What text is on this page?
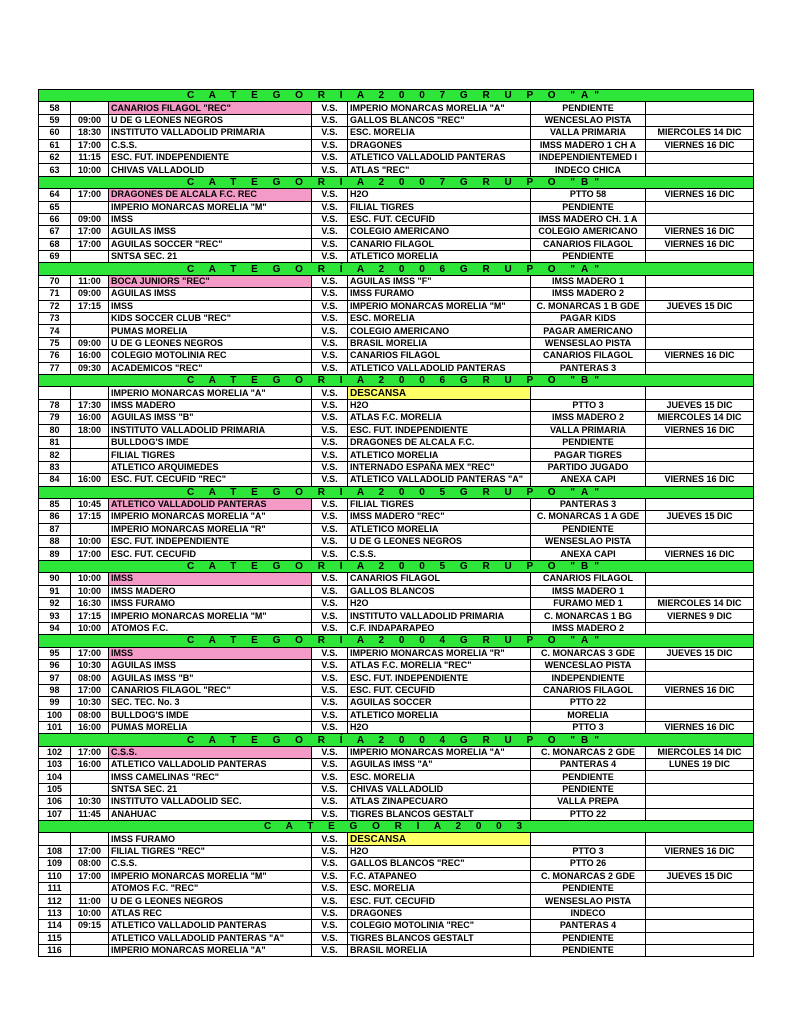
C A T E G O R Í A 2 0 0 7 G R U P O "A"						
58		CANARIOS FILAGOL "REC"	V.S.	IMPERIO MONARCAS MORELIA "A"	PENDIENTE	
59	09:00	U DE G LEONES NEGROS	V.S.	GALLOS BLANCOS "REC"	WENCESLAO PISTA	
60	18:30	INSTITUTO VALLADOLID PRIMARIA	V.S.	ESC. MORELIA	VALLA PRIMARIA	MIERCOLES 14 DIC
61	17:00	C.S.S.	V.S.	DRAGONES	IMSS MADERO 1 CH A	VIERNES 16 DIC
62	11:15	ESC. FUT. INDEPENDIENTE	V.S.	ATLETICO VALLADOLID PANTERAS	INDEPENDIENTEMED I	
63	10:00	CHIVAS VALLADOLID	V.S.	ATLAS "REC"	INDECO CHICA	
C A T E G O R Í A 2 0 0 7 G R U P O "B"						
64	17:00	DRAGONES DE ALCALA F.C. REC	V.S.	H2O	PTTO 58	VIERNES 16 DIC
65		IMPERIO MONARCAS MORELIA "M"	V.S.	FILIAL TIGRES	PENDIENTE	
66	09:00	IMSS	V.S.	ESC. FUT. CECUFID	IMSS MADERO CH. 1 A	
67	17:00	AGUILAS IMSS	V.S.	COLEGIO AMERICANO	COLEGIO AMERICANO	VIERNES 16 DIC
68	17:00	AGUILAS SOCCER "REC"	V.S.	CANARIO FILAGOL	CANARIOS FILAGOL	VIERNES 16 DIC
69		SNTSA SEC. 21	V.S.	ATLETICO MORELIA	PENDIENTE	
C A T E G O R Í A 2 0 0 6 G R U P O "A"						
70	11:00	BOCA JUNIORS "REC"	V.S.	AGUILAS IMSS "F"	IMSS MADERO 1	
71	09:00	AGUILAS IMSS	V.S.	IMSS FURAMO	IMSS MADERO 2	
72	17:15	IMSS	V.S.	IMPERIO MONARCAS MORELIA "M"	C. MONARCAS 1 B GDE	JUEVES 15 DIC
73		KIDS SOCCER CLUB "REC"	V.S.	ESC. MORELIA	PAGAR KIDS	
74		PUMAS MORELIA	V.S.	COLEGIO AMERICANO	PAGAR AMERICANO	
75	09:00	U DE G LEONES NEGROS	V.S.	BRASIL MORELIA	WENSESLAO PISTA	
76	16:00	COLEGIO MOTOLINIA REC	V.S.	CANARIOS FILAGOL	CANARIOS FILAGOL	VIERNES 16 DIC
77	09:30	ACADEMICOS "REC"	V.S.	ATLETICO VALLADOLID PANTERAS	PANTERAS 3	
C A T E G O R Í A 2 0 0 6 G R U P O "B"						
		IMPERIO MONARCAS MORELIA "A"	V.S.	DESCANSA		
78	17:30	IMSS MADERO	V.S.	H2O	PTTO 3	JUEVES 15 DIC
79	16:00	AGUILAS IMSS "B"	V.S.	ATLAS F.C. MORELIA	IMSS MADERO 2	MIERCOLES 14 DIC
80	18:00	INSTITUTO VALLADOLID PRIMARIA	V.S.	ESC. FUT. INDEPENDIENTE	VALLA PRIMARIA	VIERNES 16 DIC
81		BULLDOG'S IMDE	V.S.	DRAGONES DE ALCALA F.C.	PENDIENTE	
82		FILIAL TIGRES	V.S.	ATLETICO MORELIA	PAGAR TIGRES	
83		ATLETICO ARQUIMEDES	V.S.	INTERNADO ESPAÑA MEX "REC"	PARTIDO JUGADO	
84	16:00	ESC. FUT. CECUFID "REC"	V.S.	ATLETICO VALLADOLID PANTERAS "A"	ANEXA CAPI	VIERNES 16 DIC
C A T E G O R Í A 2 0 0 5 G R U P O "A"						
85	10:45	ATLETICO VALLADOLID PANTERAS	V.S.	FILIAL TIGRES	PANTERAS 3	
86	17:15	IMPERIO MONARCAS MORELIA "A"	V.S.	IMSS MADERO "REC"	C. MONARCAS 1 A GDE	JUEVES 15 DIC
87		IMPERIO MONARCAS MORELIA "R"	V.S.	ATLETICO MORELIA	PENDIENTE	
88	10:00	ESC. FUT. INDEPENDIENTE	V.S.	U DE G LEONES NEGROS	WENSESLAO PISTA	
89	17:00	ESC. FUT. CECUFID	V.S.	C.S.S.	ANEXA CAPI	VIERNES 16 DIC
C A T E G O R Í A 2 0 0 5 G R U P O "B"						
90	10:00	IMSS	V.S.	CANARIOS FILAGOL	CANARIOS FILAGOL	
91	10:00	IMSS MADERO	V.S.	GALLOS BLANCOS	IMSS MADERO 1	
92	16:30	IMSS FURAMO	V.S.	H2O	FURAMO MED 1	MIERCOLES 14 DIC
93	17:15	IMPERIO MONARCAS MORELIA "M"	V.S.	INSTITUTO VALLADOLID PRIMARIA	C. MONARCAS 1 BG	VIERNES 9 DIC
94	10:00	ATOMOS F.C.	V.S.	C.F. INDAPARAPEO	IMSS MADERO 2	
C A T E G O R Í A 2 0 0 4 G R U P O "A"						
95	17:00	IMSS	V.S.	IMPERIO MONARCAS MORELIA "R"	C. MONARCAS 3 GDE	JUEVES 15 DIC
96	10:30	AGUILAS IMSS	V.S.	ATLAS F.C. MORELIA "REC"	WENCESLAO PISTA	
97	08:00	AGUILAS IMSS "B"	V.S.	ESC. FUT. INDEPENDIENTE	INDEPENDIENTE	
98	17:00	CANARIOS FILAGOL "REC"	V.S.	ESC. FUT. CECUFID	CANARIOS FILAGOL	VIERNES 16 DIC
99	10:30	SEC. TEC. No. 3	V.S.	AGUILAS SOCCER	PTTO 22	
100	08:00	BULLDOG'S IMDE	V.S.	ATLETICO MORELIA	MORELIA	
101	16:00	PUMAS MORELIA	V.S.	H2O	PTTO 3	VIERNES 16 DIC
C A T E G O R Í A 2 0 0 4 G R U P O "B"						
102	17:00	C.S.S.	V.S.	IMPERIO MONARCAS MORELIA "A"	C. MONARCAS 2 GDE	MIERCOLES 14 DIC
103	16:00	ATLETICO VALLADOLID PANTERAS	V.S.	AGUILAS IMSS "A"	PANTERAS 4	LUNES 19 DIC
104		IMSS CAMELINAS "REC"	V.S.	ESC. MORELIA	PENDIENTE	
105		SNTSA SEC. 21	V.S.	CHIVAS VALLADOLID	PENDIENTE	
106	10:30	INSTITUTO VALLADOLID SEC.	V.S.	ATLAS ZINAPECUARO	VALLA PREPA	
107	11:45	ANAHUAC	V.S.	TIGRES BLANCOS GESTALT	PTTO 22	
C A T E G O R Í A 2 0 0 3						
		IMSS FURAMO	V.S.	DESCANSA		
108	17:00	FILIAL TIGRES "REC"	V.S.	H2O	PTTO 3	VIERNES 16 DIC
109	08:00	C.S.S.	V.S.	GALLOS BLANCOS "REC"	PTTO 26	
110	17:00	IMPERIO MONARCAS MORELIA "M"	V.S.	F.C. ATAPANEO	C. MONARCAS 2 GDE	JUEVES 15 DIC
111		ATOMOS F.C. "REC"	V.S.	ESC. MORELIA	PENDIENTE	
112	11:00	U DE G LEONES NEGROS	V.S.	ESC. FUT. CECUFID	WENSESLAO PISTA	
113	10:00	ATLAS REC	V.S.	DRAGONES	INDECO	
114	09:15	ATLETICO VALLADOLID PANTERAS	V.S.	COLEGIO MOTOLINIA "REC"	PANTERAS 4	
115		ATLETICO VALLADOLID PANTERAS "A"	V.S.	TIGRES BLANCOS GESTALT	PENDIENTE	
116		IMPERIO MONARCAS MORELIA "A"	V.S.	BRASIL MORELIA	PENDIENTE	
